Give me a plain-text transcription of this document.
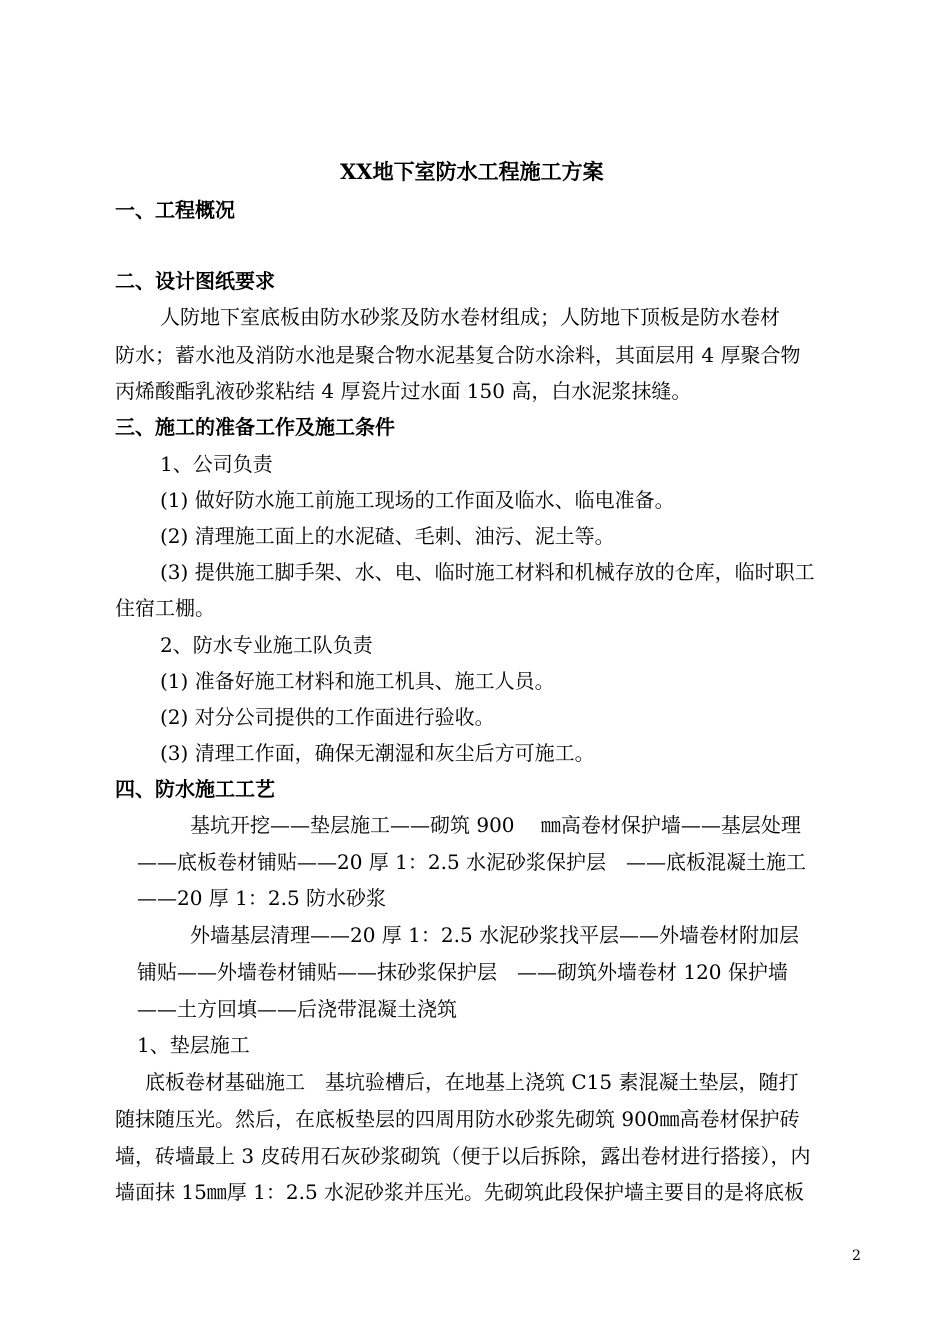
XX地下室防水工程施工方案
一、工程概况
二、设计图纸要求
人防地下室底板由防水砂浆及防水卷材组成；人防地下顶板是防水卷材
防水；蓄水池及消防水池是聚合物水泥基复合防水涂料，其面层用 4 厚聚合物
丙烯酸酯乳液砂浆粘结 4 厚瓷片过水面 150 高，白水泥浆抹缝。
三、施工的准备工作及施工条件
1、公司负责
(1) 做好防水施工前施工现场的工作面及临水、临电准备。
(2) 清理施工面上的水泥碴、毛刺、油污、泥土等。
(3) 提供施工脚手架、水、电、临时施工材料和机械存放的仓库，临时职工
住宿工棚。
2、防水专业施工队负责
(1) 准备好施工材料和施工机具、施工人员。
(2) 对分公司提供的工作面进行验收。
(3) 清理工作面，确保无潮湿和灰尘后方可施工。
四、防水施工工艺
基坑开挖——垫层施工——砌筑 900　 ㎜高卷材保护墙——基层处理
——底板卷材铺贴——20 厚 1：2.5 水泥砂浆保护层　——底板混凝土施工
——20 厚 1：2.5 防水砂浆
外墙基层清理——20 厚 1：2.5 水泥砂浆找平层——外墙卷材附加层
铺贴——外墙卷材铺贴——抹砂浆保护层　——砌筑外墙卷材 120 保护墙
——土方回填——后浇带混凝土浇筑
1、垫层施工
底板卷材基础施工　基坑验槽后，在地基上浇筑 C15 素混凝土垫层，随打
随抹随压光。然后，在底板垫层的四周用防水砂浆先砌筑 900㎜高卷材保护砖
墙，砖墙最上 3 皮砖用石灰砂浆砌筑（便于以后拆除，露出卷材进行搭接），内
墙面抹 15㎜厚 1：2.5 水泥砂浆并压光。先砌筑此段保护墙主要目的是将底板
2
